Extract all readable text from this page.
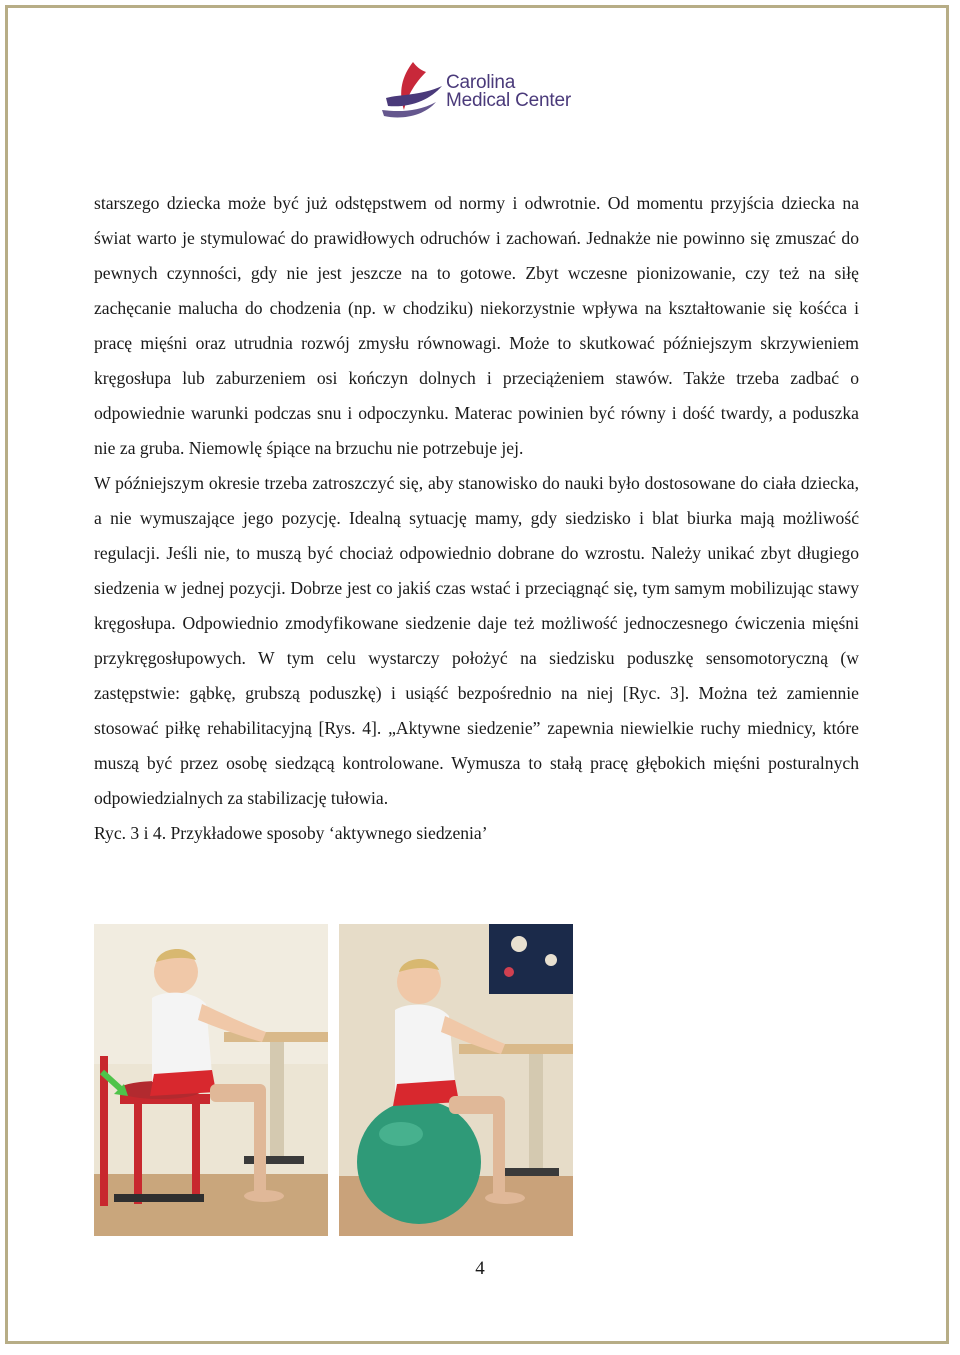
Carolina
Medical Center

starszego dziecka może być już odstępstwem od normy i odwrotnie. Od momentu przyjścia dziecka na świat warto je stymulować do prawidłowych odruchów i zachowań. Jednakże nie powinno się zmuszać do pewnych czynności, gdy nie jest jeszcze na to gotowe. Zbyt wczesne pionizowanie, czy też na siłę zachęcanie malucha do chodzenia (np. w chodziku) niekorzystnie wpływa na kształtowanie się kośćca i pracę mięśni oraz utrudnia rozwój zmysłu równowagi. Może to skutkować późniejszym skrzywieniem kręgosłupa lub zaburzeniem osi kończyn dolnych i przeciążeniem stawów. Także trzeba zadbać o odpowiednie warunki podczas snu i odpoczynku. Materac powinien być równy i dość twardy, a poduszka nie za gruba. Niemowlę śpiące na brzuchu nie potrzebuje jej.

W późniejszym okresie trzeba zatroszczyć się, aby stanowisko do nauki było dostosowane do ciała dziecka, a nie wymuszające jego pozycję. Idealną sytuację mamy, gdy siedzisko i blat biurka mają możliwość regulacji. Jeśli nie, to muszą być chociaż odpowiednio dobrane do wzrostu. Należy unikać zbyt długiego siedzenia w jednej pozycji. Dobrze jest co jakiś czas wstać i przeciągnąć się, tym samym mobilizując stawy kręgosłupa. Odpowiednio zmodyfikowane siedzenie daje też możliwość jednoczesnego ćwiczenia mięśni przykręgosłupowych. W tym celu wystarczy położyć na siedzisku poduszkę sensomotoryczną (w zastępstwie: gąbkę, grubszą poduszkę) i usiąść bezpośrednio na niej [Ryc. 3]. Można też zamiennie stosować piłkę rehabilitacyjną [Rys. 4]. „Aktywne siedzenie” zapewnia niewielkie ruchy miednicy, które muszą być przez osobę siedzącą kontrolowane. Wymusza to stałą pracę głębokich mięśni posturalnych odpowiedzialnych za stabilizację tułowia.

Ryc. 3 i 4. Przykładowe sposoby ‘aktywnego siedzenia’
4
